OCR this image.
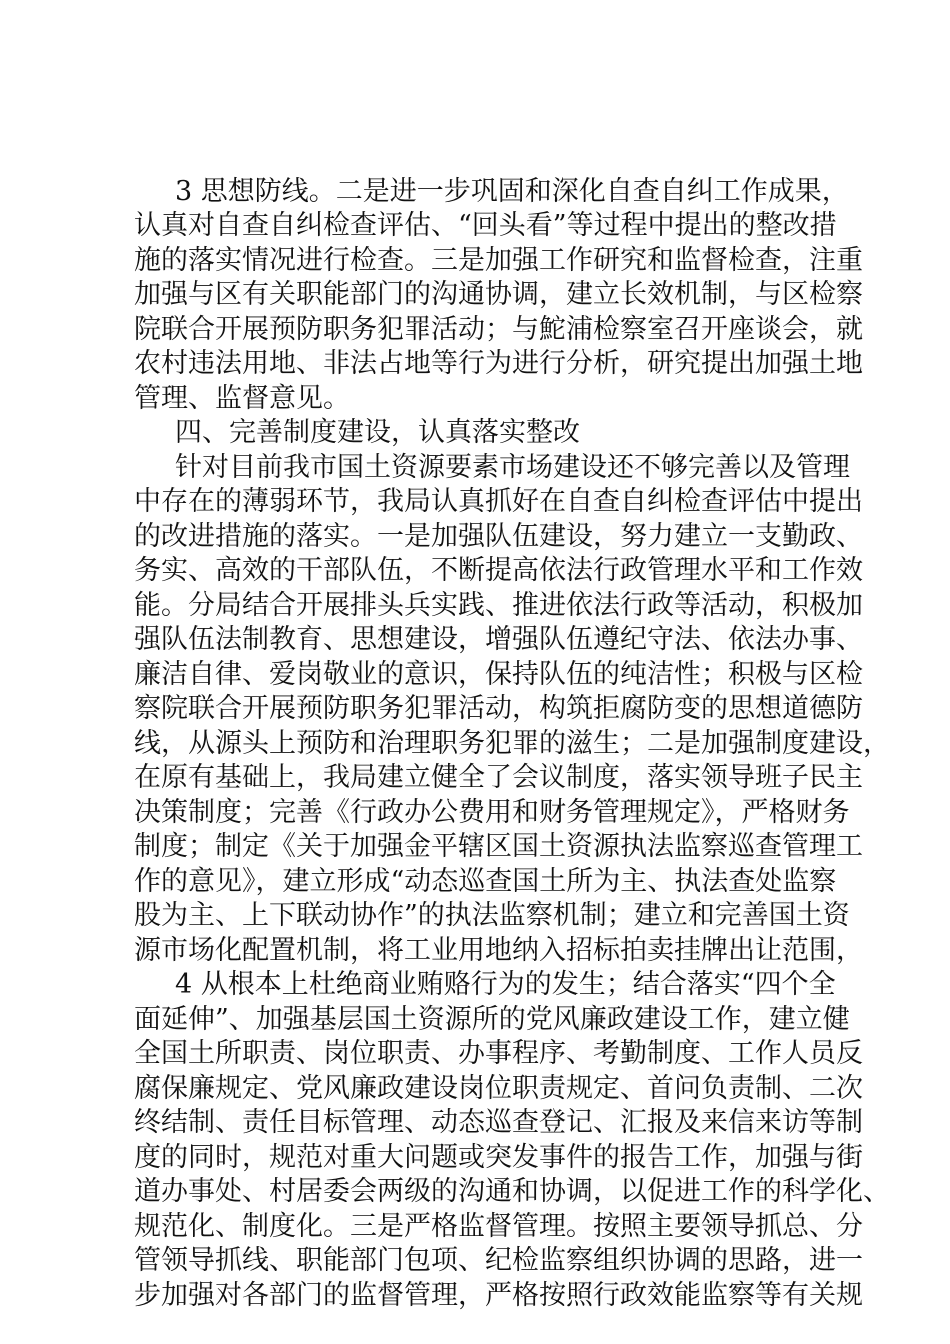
3 思想防线。二是进一步巩固和深化自查自纠工作成果，

认真对自查自纠检查评估、“回头看”等过程中提出的整改措

施的落实情况进行检查。三是加强工作研究和监督检查，注重

加强与区有关职能部门的沟通协调，建立长效机制，与区检察

院联合开展预防职务犯罪活动；与鮀浦检察室召开座谈会，就

农村违法用地、非法占地等行为进行分析，研究提出加强土地

管理、监督意见。

四、完善制度建设，认真落实整改

针对目前我市国土资源要素市场建设还不够完善以及管理

中存在的薄弱环节，我局认真抓好在自查自纠检查评估中提出

的改进措施的落实。一是加强队伍建设，努力建立一支勤政、

务实、高效的干部队伍，不断提高依法行政管理水平和工作效

能。分局结合开展排头兵实践、推进依法行政等活动，积极加

强队伍法制教育、思想建设，增强队伍遵纪守法、依法办事、

廉洁自律、爱岗敬业的意识，保持队伍的纯洁性；积极与区检

察院联合开展预防职务犯罪活动，构筑拒腐防变的思想道德防

线，从源头上预防和治理职务犯罪的滋生；二是加强制度建设，

在原有基础上，我局建立健全了会议制度，落实领导班子民主

决策制度；完善《行政办公费用和财务管理规定》，严格财务

制度；制定《关于加强金平辖区国土资源执法监察巡查管理工

作的意见》，建立形成“动态巡查国土所为主、执法查处监察

股为主、上下联动协作”的执法监察机制；建立和完善国土资

源市场化配置机制，将工业用地纳入招标拍卖挂牌出让范围，

4 从根本上杜绝商业贿赂行为的发生；结合落实“四个全

面延伸”、加强基层国土资源所的党风廉政建设工作，建立健

全国土所职责、岗位职责、办事程序、考勤制度、工作人员反

腐保廉规定、党风廉政建设岗位职责规定、首问负责制、二次

终结制、责任目标管理、动态巡查登记、汇报及来信来访等制

度的同时，规范对重大问题或突发事件的报告工作，加强与街

道办事处、村居委会两级的沟通和协调，以促进工作的科学化、

规范化、制度化。三是严格监督管理。按照主要领导抓总、分

管领导抓线、职能部门包项、纪检监察组织协调的思路，进一

步加强对各部门的监督管理，严格按照行政效能监察等有关规
